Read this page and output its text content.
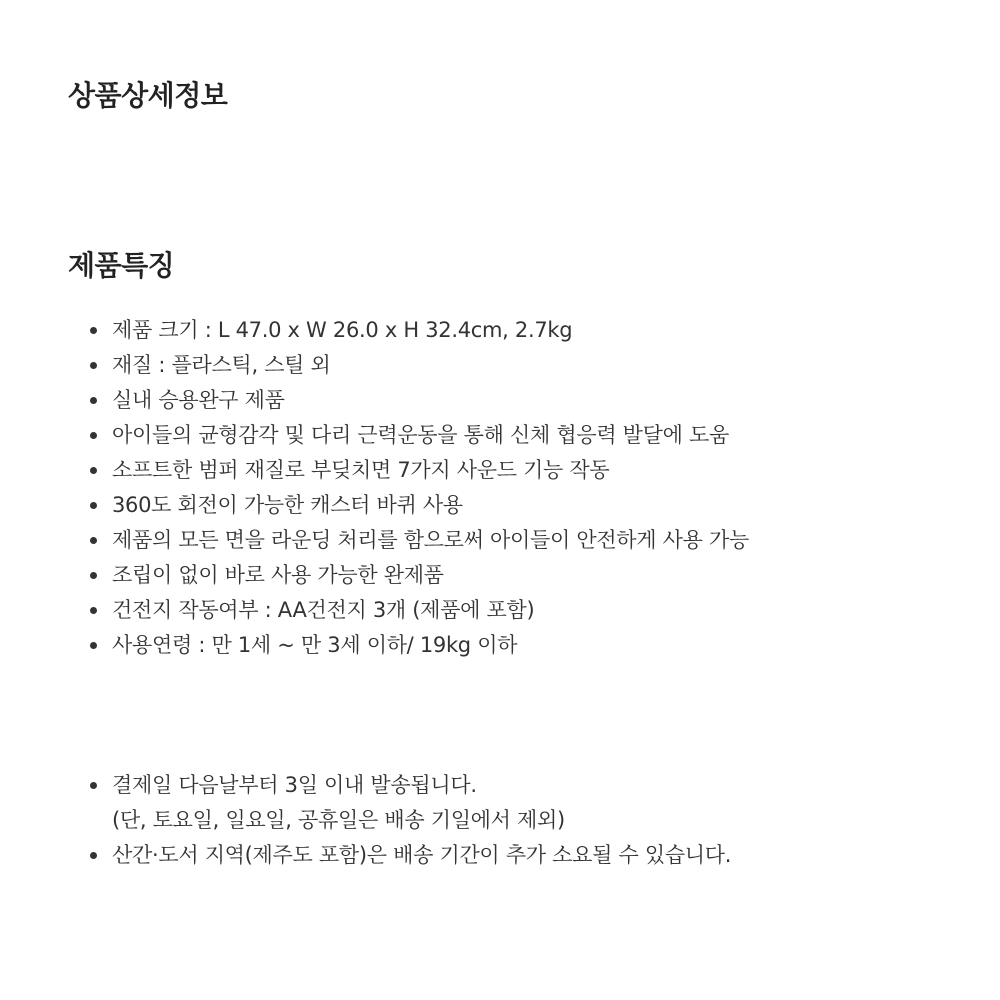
상품상세정보
제품특징
제품 크기 : L 47.0 x W 26.0 x H 32.4cm, 2.7kg
재질 : 플라스틱, 스틸 외
실내 승용완구 제품
아이들의 균형감각 및 다리 근력운동을 통해 신체 협응력 발달에 도움
소프트한 범퍼 재질로 부딪치면 7가지 사운드 기능 작동
360도 회전이 가능한 캐스터 바퀴 사용
제품의 모든 면을 라운딩 처리를 함으로써 아이들이 안전하게 사용 가능
조립이 없이 바로 사용 가능한 완제품
건전지 작동여부 : AA건전지 3개 (제품에 포함)
사용연령 : 만 1세 ~ 만 3세 이하/ 19kg 이하
결제일 다음날부터 3일 이내 발송됩니다.
(단, 토요일, 일요일, 공휴일은 배송 기일에서 제외)
산간·도서 지역(제주도 포함)은 배송 기간이 추가 소요될 수 있습니다.
